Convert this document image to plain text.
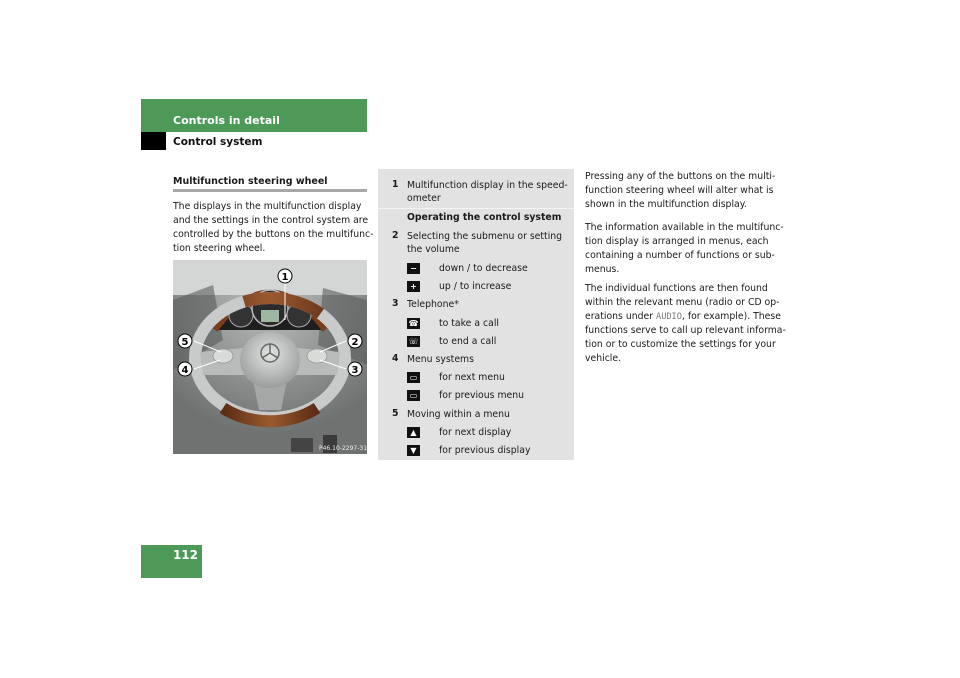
Controls in detail
Control system
Multifunction steering wheel
The displays in the multifunction display
and the settings in the control system are
controlled by the buttons on the multifunc-
tion steering wheel.
1
5
4
2
3
P46.10-2297-31
1 Multifunction display in the speed-
ometer
Operating the control system
2 Selecting the submenu or setting
the volume
−	down / to decrease
+	up / to increase
3 Telephone*
☎ to take a call
☏ to end a call
4 Menu systems
▭ for next menu
▭ for previous menu
5 Moving within a menu
▲	for next display
▼	for previous display
Pressing any of the buttons on the multi-
function steering wheel will alter what is
shown in the multifunction display.
The information available in the multifunc-
tion display is arranged in menus, each
containing a number of functions or sub-
menus.
The individual functions are then found
within the relevant menu (radio or CD op-
erations under AUDIO, for example). These
functions serve to call up relevant informa-
tion or to customize the settings for your
vehicle.
112
